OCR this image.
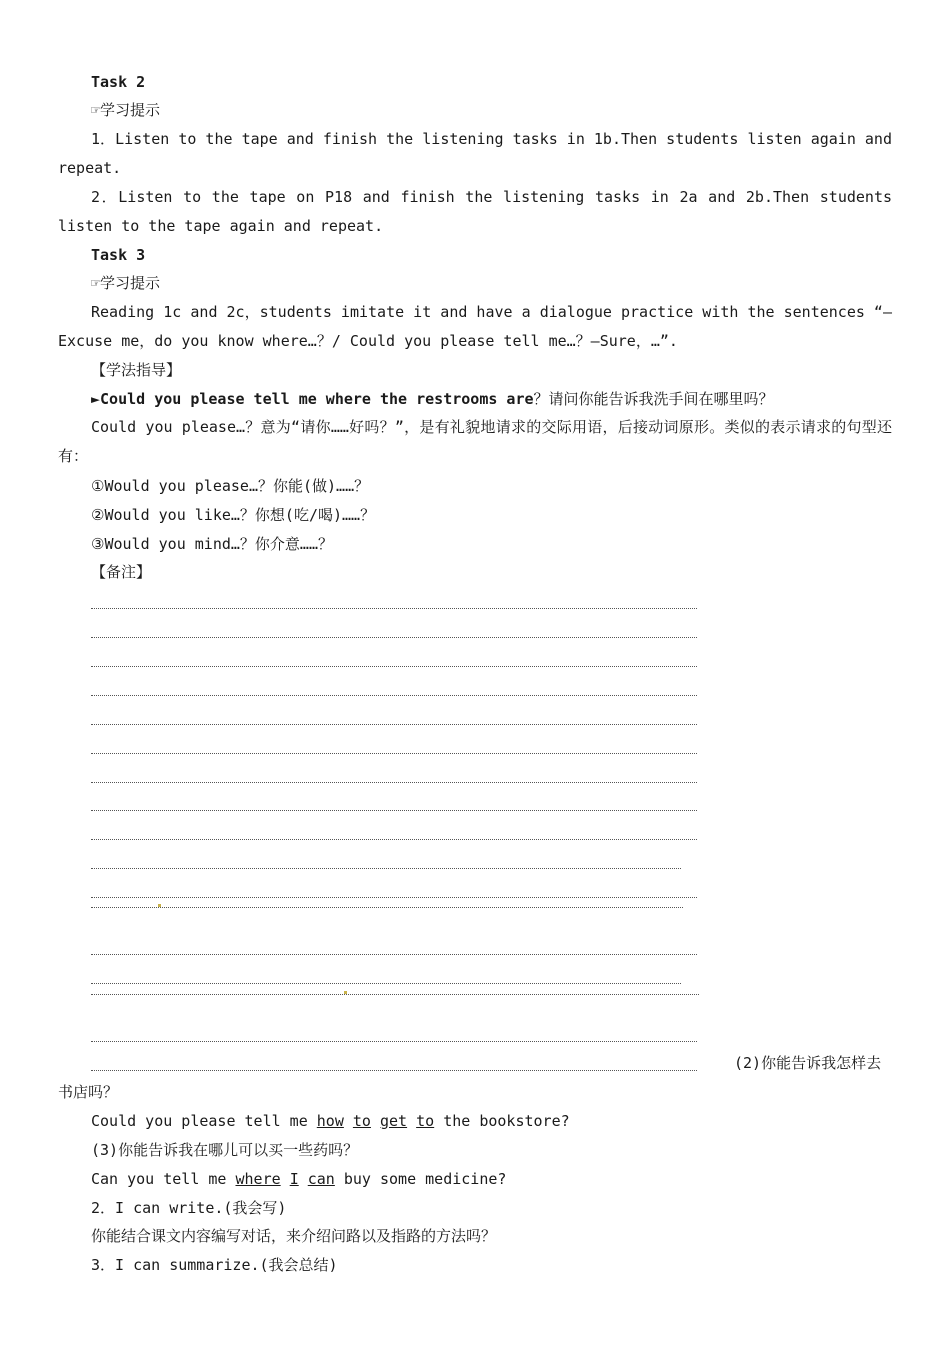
Task 2
☞学习提示
1．Listen to the tape and finish the listening tasks in 1b.Then students listen again and repeat.
2．Listen to the tape on P18 and finish the listening tasks in 2a and 2b.Then students listen to the tape again and repeat.
Task 3
☞学习提示
Reading 1c and 2c，students imitate it and have a dialogue practice with the sentences “—Excuse me，do you know where…？/ Could you please tell me…？—Sure，…”.
【学法指导】
►Could you please tell me where the restrooms are？请问你能告诉我洗手间在哪里吗？
Could you please…？意为“请你……好吗？”，是有礼貌地请求的交际用语，后接动词原形。类似的表示请求的句型还有：
①Would you please…？你能(做)……？
②Would you like…？你想(吃/喝)……？
③Would you mind…？你介意……？
【备注】
(2)你能告诉我怎样去
书店吗？
Could you please tell me how to get to the bookstore?
(3)你能告诉我在哪儿可以买一些药吗？
Can you tell me where I can buy some medicine?
2．I can write.(我会写)
你能结合课文内容编写对话，来介绍问路以及指路的方法吗？
3．I can summarize.(我会总结)
